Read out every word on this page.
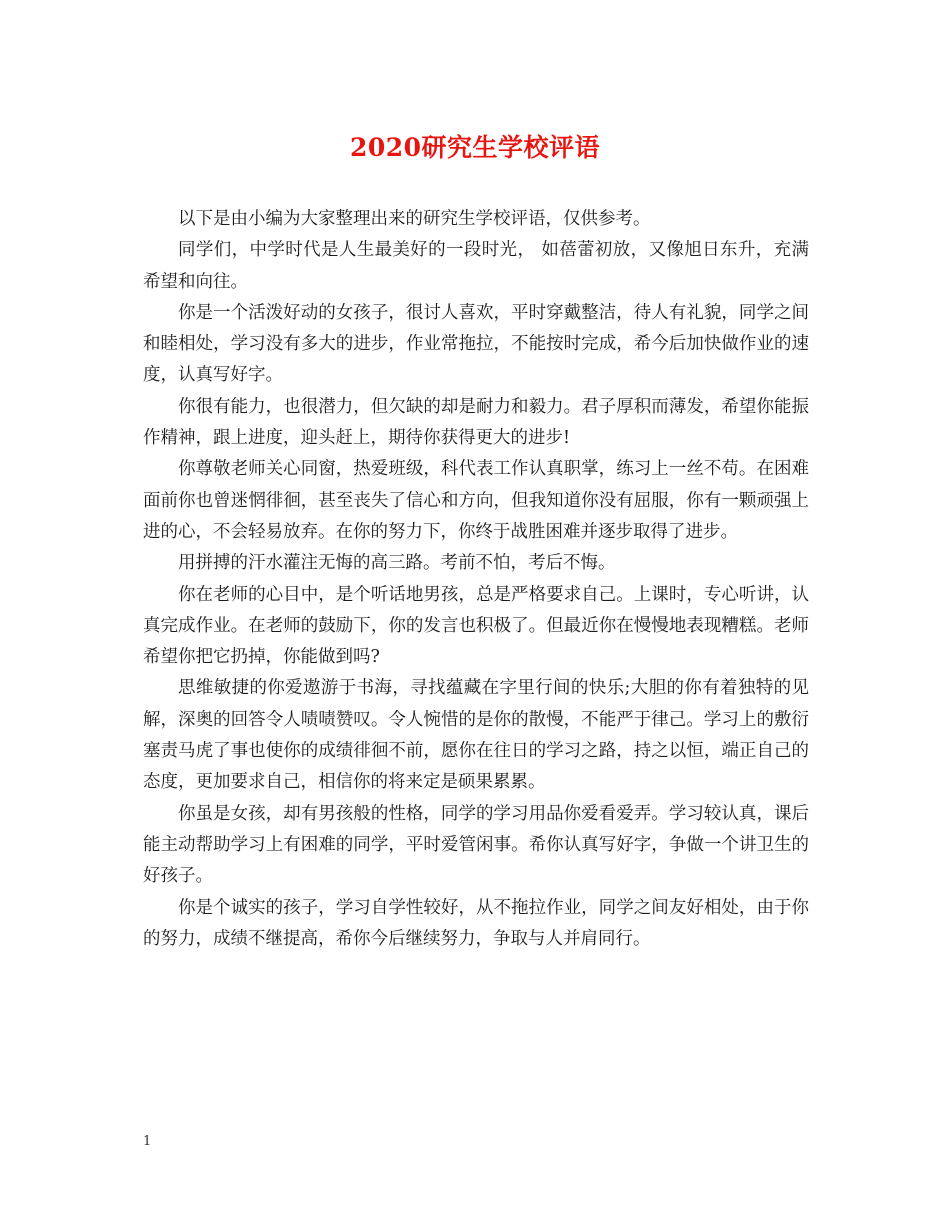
2020研究生学校评语

以下是由小编为大家整理出来的研究生学校评语，仅供参考。

同学们，中学时代是人生最美好的一段时光， 如蓓蕾初放，又像旭日东升，充满希望和向往。

你是一个活泼好动的女孩子，很讨人喜欢，平时穿戴整洁，待人有礼貌，同学之间和睦相处，学习没有多大的进步，作业常拖拉，不能按时完成，希今后加快做作业的速度，认真写好字。

你很有能力，也很潜力，但欠缺的却是耐力和毅力。君子厚积而薄发，希望你能振作精神，跟上进度，迎头赶上，期待你获得更大的进步!

你尊敬老师关心同窗，热爱班级，科代表工作认真职掌，练习上一丝不苟。在困难面前你也曾迷惘徘徊，甚至丧失了信心和方向，但我知道你没有屈服，你有一颗顽强上进的心，不会轻易放弃。在你的努力下，你终于战胜困难并逐步取得了进步。

用拼搏的汗水灌注无悔的高三路。考前不怕，考后不悔。

你在老师的心目中，是个听话地男孩，总是严格要求自己。上课时，专心听讲，认真完成作业。在老师的鼓励下，你的发言也积极了。但最近你在慢慢地表现糟糕。老师希望你把它扔掉，你能做到吗?

思维敏捷的你爱遨游于书海，寻找蕴藏在字里行间的快乐;大胆的你有着独特的见解，深奥的回答令人啧啧赞叹。令人惋惜的是你的散慢，不能严于律己。学习上的敷衍塞责马虎了事也使你的成绩徘徊不前，愿你在往日的学习之路，持之以恒，端正自己的态度，更加要求自己，相信你的将来定是硕果累累。

你虽是女孩，却有男孩般的性格，同学的学习用品你爱看爱弄。学习较认真，课后能主动帮助学习上有困难的同学，平时爱管闲事。希你认真写好字，争做一个讲卫生的好孩子。

你是个诚实的孩子，学习自学性较好，从不拖拉作业，同学之间友好相处，由于你的努力，成绩不继提高，希你今后继续努力，争取与人并肩同行。

1
